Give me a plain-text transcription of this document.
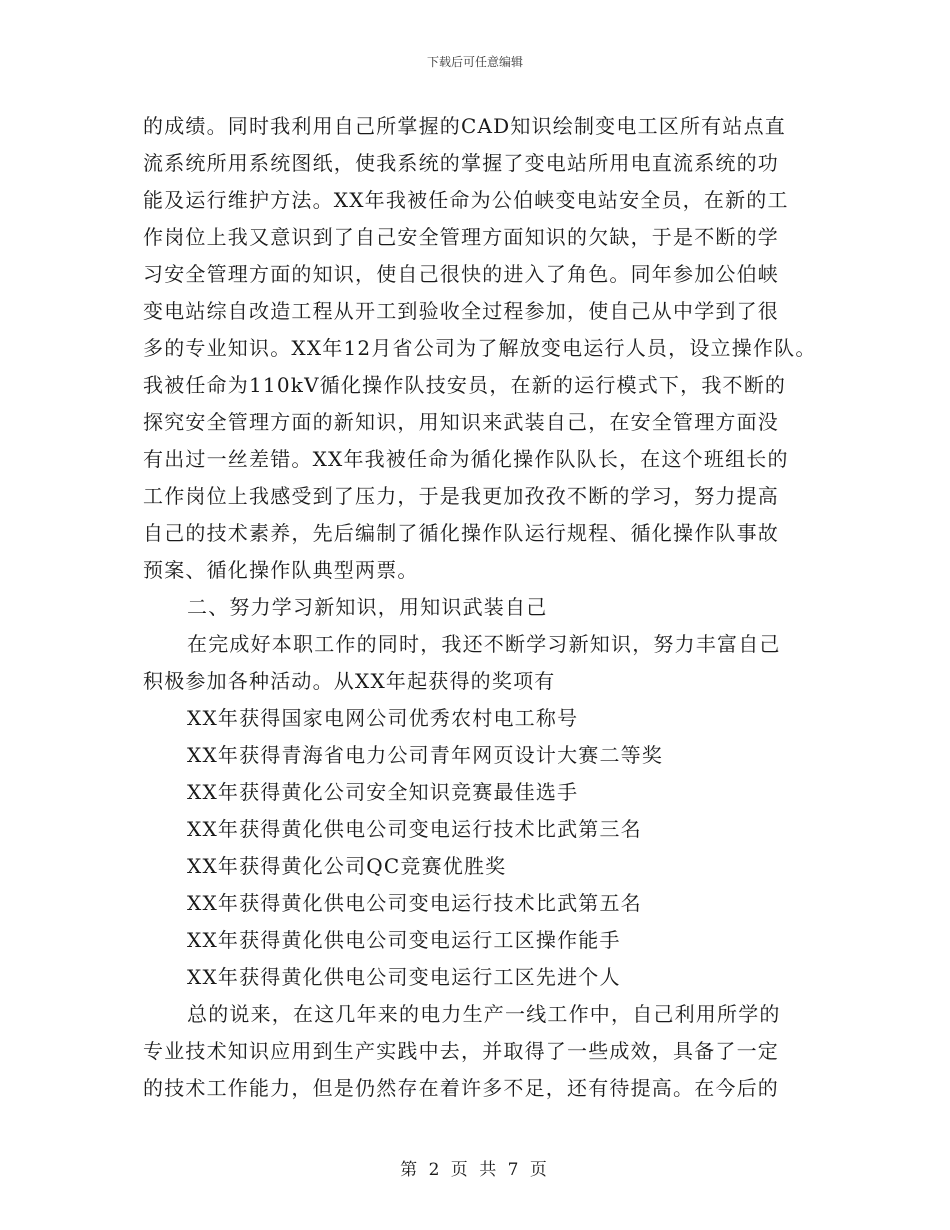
下载后可任意编辑
的成绩。同时我利用自己所掌握的CAD知识绘制变电工区所有站点直
流系统所用系统图纸，使我系统的掌握了变电站所用电直流系统的功
能及运行维护方法。XX年我被任命为公伯峡变电站安全员，在新的工
作岗位上我又意识到了自己安全管理方面知识的欠缺，于是不断的学
习安全管理方面的知识，使自己很快的进入了角色。同年参加公伯峡
变电站综自改造工程从开工到验收全过程参加，使自己从中学到了很
多的专业知识。XX年12月省公司为了解放变电运行人员，设立操作队。
我被任命为110kV循化操作队技安员，在新的运行模式下，我不断的
探究安全管理方面的新知识，用知识来武装自己，在安全管理方面没
有出过一丝差错。XX年我被任命为循化操作队队长，在这个班组长的
工作岗位上我感受到了压力，于是我更加孜孜不断的学习，努力提高
自己的技术素养，先后编制了循化操作队运行规程、循化操作队事故
预案、循化操作队典型两票。
二、努力学习新知识，用知识武装自己
在完成好本职工作的同时，我还不断学习新知识，努力丰富自己
积极参加各种活动。从XX年起获得的奖项有
XX年获得国家电网公司优秀农村电工称号
XX年获得青海省电力公司青年网页设计大赛二等奖
XX年获得黄化公司安全知识竞赛最佳选手
XX年获得黄化供电公司变电运行技术比武第三名
XX年获得黄化公司QC竞赛优胜奖
XX年获得黄化供电公司变电运行技术比武第五名
XX年获得黄化供电公司变电运行工区操作能手
XX年获得黄化供电公司变电运行工区先进个人
总的说来，在这几年来的电力生产一线工作中，自己利用所学的
专业技术知识应用到生产实践中去，并取得了一些成效，具备了一定
的技术工作能力，但是仍然存在着许多不足，还有待提高。在今后的
第 2 页 共 7 页
